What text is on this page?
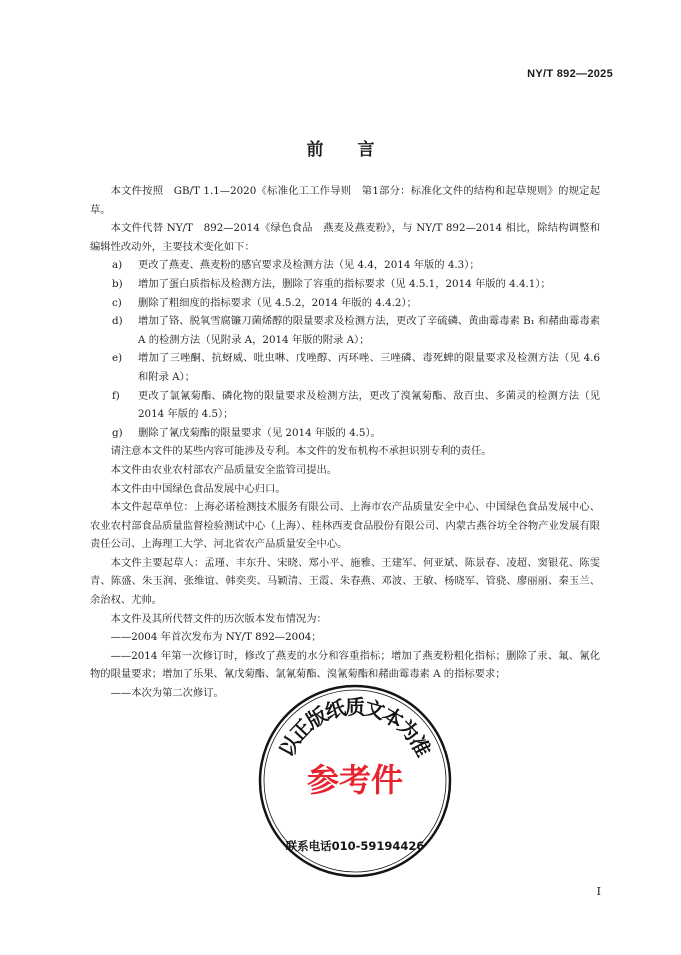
NY/T 892—2025
前　　言

本文件按照　GB/T 1.1—2020《标准化工工作导则　第1部分：标准化文件的结构和起草规则》的规定起草。

本文件代替 NY/T　892—2014《绿色食品　燕麦及燕麦粉》，与 NY/T 892—2014 相比，除结构调整和编辑性改动外，主要技术变化如下：

a)	更改了燕麦、燕麦粉的感官要求及检测方法（见 4.4，2014 年版的 4.3）；
b)	增加了蛋白质指标及检测方法，删除了容重的指标要求（见 4.5.1，2014 年版的 4.4.1）；
c)	删除了粗细度的指标要求（见 4.5.2，2014 年版的 4.4.2）；
d)	增加了铬、脱氧雪腐镰刀菌烯醇的限量要求及检测方法，更改了辛硫磷、黄曲霉毒素 B₁ 和赭曲霉毒素 A 的检测方法（见附录 A，2014 年版的附录 A）；
e)	增加了三唑酮、抗蚜威、吡虫啉、戊唑醇、丙环唑、三唑磷、毒死蜱的限量要求及检测方法（见 4.6 和附录 A）；
f)	更改了氯氰菊酯、磷化物的限量要求及检测方法，更改了溴氰菊酯、敌百虫、多菌灵的检测方法（见 2014 年版的 4.5）；
g)	删除了氰戊菊酯的限量要求（见 2014 年版的 4.5）。

请注意本文件的某些内容可能涉及专利。本文件的发布机构不承担识别专利的责任。

本文件由农业农村部农产品质量安全监管司提出。

本文件由中国绿色食品发展中心归口。

本文件起草单位：上海必诺检测技术服务有限公司、上海市农产品质量安全中心、中国绿色食品发展中心、农业农村部食品质量监督检验测试中心（上海）、桂林西麦食品股份有限公司、内蒙古燕谷坊全谷物产业发展有限责任公司、上海理工大学、河北省农产品质量安全中心。

本文件主要起草人：孟瑾、丰东升、宋晓、郑小平、施雅、王建军、何亚斌、陈景春、凌超、窦银花、陈雯青、陈盛、朱玉润、张维谊、韩奕奕、马颖清、王霞、朱春燕、邓波、王敏、杨晓军、管骁、廖丽丽、秦玉兰、余治权、尤帅。

本文件及其所代替文件的历次版本发布情况为：

——2004 年首次发布为 NY/T 892—2004；

——2014 年第一次修订时，修改了燕麦的水分和容重指标；增加了燕麦粉粗化指标；删除了汞、氟、氰化物的限量要求；增加了乐果、氰戊菊酯、氯氰菊酯、溴氰菊酯和赭曲霉毒素 A 的指标要求；

——本次为第二次修订。

以
正
版
纸
质
文
本
为
准
参考件
联系电话010-59194426
I
